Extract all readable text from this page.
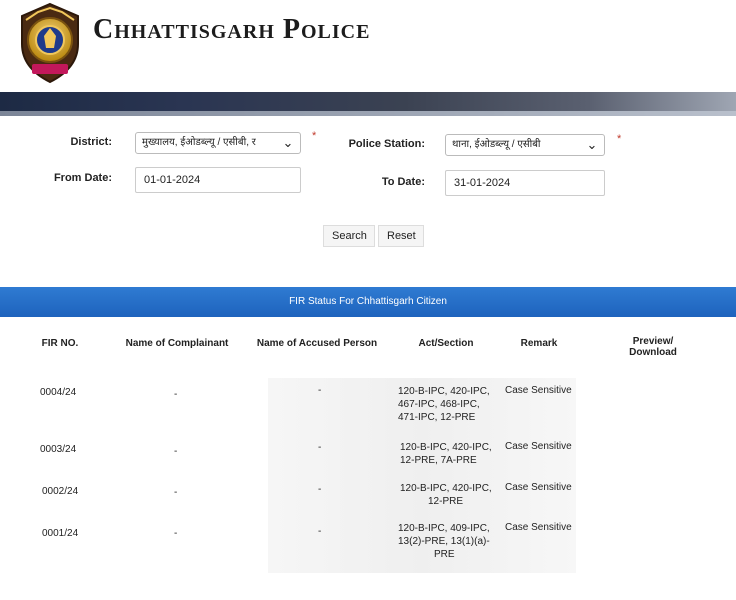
Chhattisgarh Police
District:	मुख्यालय, ईओडब्ल्यू / एसीबी, र ⌄ *
Police Station:	थाना, ईओडब्ल्यू / एसीबी	⌄ *
From Date:	01-01-2024	To Date:	31-01-2024
Search	Reset
FIR Status For Chhattisgarh Citizen
FIR NO.	Name of Complainant	Name of Accused Person	Act/Section	Remark	Preview/
Download
0004/24	-	-	120-B-IPC, 420-IPC,
467-IPC, 468-IPC,
471-IPC, 12-PRE
Case Sensitive
0003/24	-	-	120-B-IPC, 420-IPC,
12-PRE, 7A-PRE
Case Sensitive
0002/24	-	-	120-B-IPC, 420-IPC,
12-PRE
Case Sensitive
0001/24	-	-	120-B-IPC, 409-IPC,
13(2)-PRE, 13(1)(a)-
PRE
Case Sensitive
